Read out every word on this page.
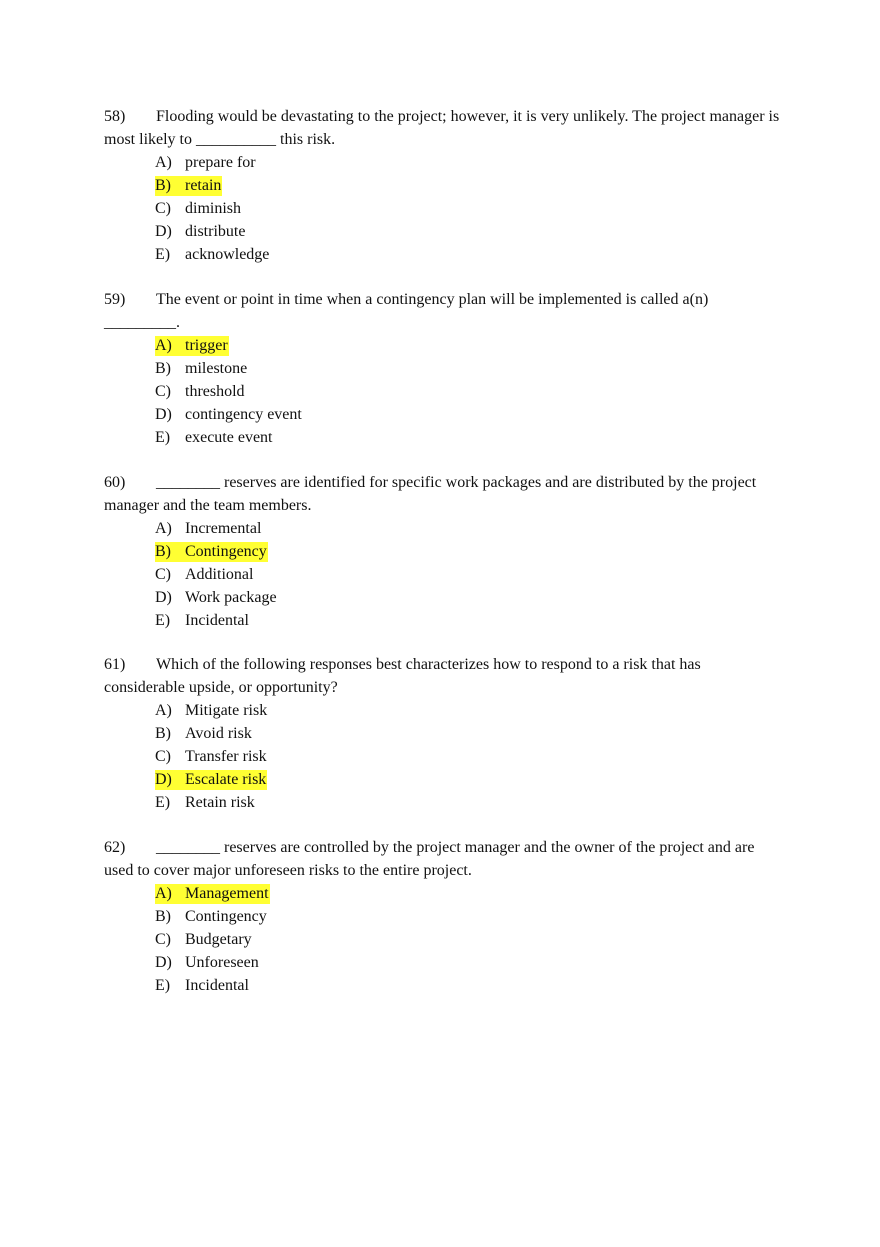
58) Flooding would be devastating to the project; however, it is very unlikely. The project manager is most likely to __________ this risk.

A) prepare for
B) retain
C) diminish
D) distribute
E) acknowledge

59) The event or point in time when a contingency plan will be implemented is called a(n) _________.

A) trigger
B) milestone
C) threshold
D) contingency event
E) execute event

60) ________ reserves are identified for specific work packages and are distributed by the project manager and the team members.

A) Incremental
B) Contingency
C) Additional
D) Work package
E) Incidental

61) Which of the following responses best characterizes how to respond to a risk that has considerable upside, or opportunity?

A) Mitigate risk
B) Avoid risk
C) Transfer risk
D) Escalate risk
E) Retain risk

62) ________ reserves are controlled by the project manager and the owner of the project and are used to cover major unforeseen risks to the entire project.

A) Management
B) Contingency
C) Budgetary
D) Unforeseen
E) Incidental
